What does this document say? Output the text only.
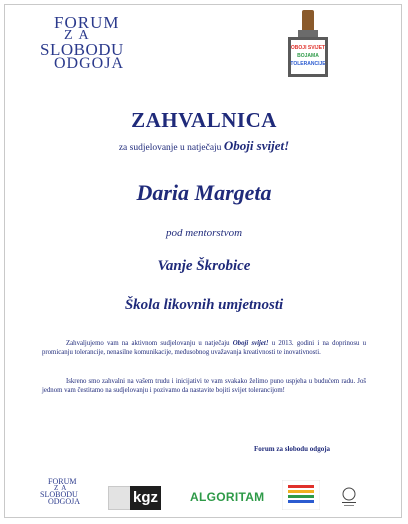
FORUM
ZA
SLOBODU
ODGOJA
OBOJI SVIJET
BOJAMA
TOLERANCIJE
ZAHVALNICA
za sudjelovanje u natječaju Oboji svijet!
Daria Margeta
pod mentorstvom
Vanje Škrobice
Škola likovnih umjetnosti
Zahvaljujemo vam na aktivnom sudjelovanju u natječaju Oboji svijet! u 2013. godini i na doprinosu u promicanju tolerancije, nenasilne komunikacije, međusobnog uvažavanja kreativnosti te inovativnosti.
Iskreno smo zahvalni na vašem trudu i inicijativi te vam svakako želimo puno uspjeha u budućem radu. Još jednom vam čestitamo na sudjelovanju i pozivamo da nastavite bojiti svijet tolerancijom!
Forum za slobodu odgoja
FORUM
ZA
SLOBODU
ODGOJA	kgz	ALGORITAM
